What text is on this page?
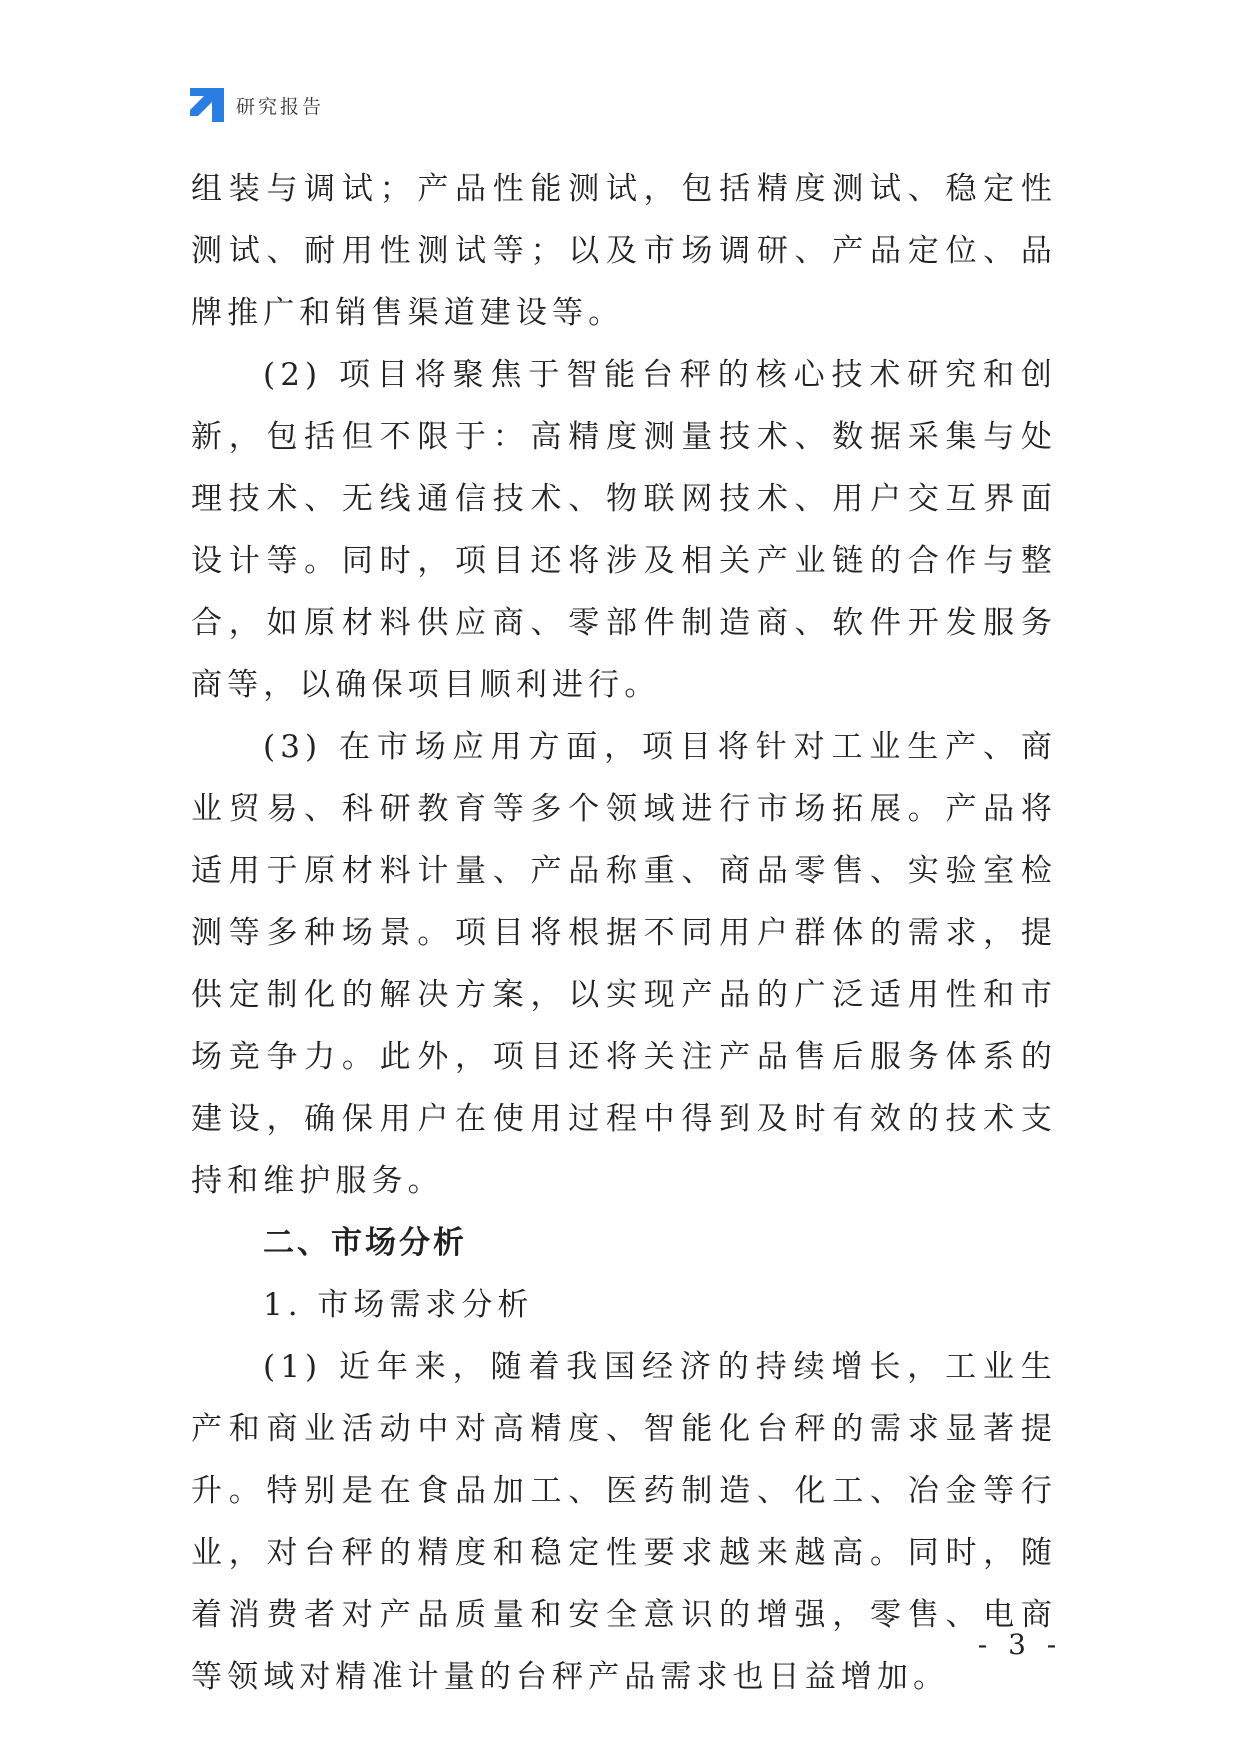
研究报告

组装与调试；产品性能测试，包括精度测试、稳定性测试、耐用性测试等；以及市场调研、产品定位、品牌推广和销售渠道建设等。

(2) 项目将聚焦于智能台秤的核心技术研究和创新，包括但不限于：高精度测量技术、数据采集与处理技术、无线通信技术、物联网技术、用户交互界面设计等。同时，项目还将涉及相关产业链的合作与整合，如原材料供应商、零部件制造商、软件开发服务商等，以确保项目顺利进行。

(3) 在市场应用方面，项目将针对工业生产、商业贸易、科研教育等多个领域进行市场拓展。产品将适用于原材料计量、产品称重、商品零售、实验室检测等多种场景。项目将根据不同用户群体的需求，提供定制化的解决方案，以实现产品的广泛适用性和市场竞争力。此外，项目还将关注产品售后服务体系的建设，确保用户在使用过程中得到及时有效的技术支持和维护服务。

二、市场分析

1. 市场需求分析

(1) 近年来，随着我国经济的持续增长，工业生产和商业活动中对高精度、智能化台秤的需求显著提升。特别是在食品加工、医药制造、化工、冶金等行业，对台秤的精度和稳定性要求越来越高。同时，随着消费者对产品质量和安全意识的增强，零售、电商等领域对精准计量的台秤产品需求也日益增加。

- 3 -
